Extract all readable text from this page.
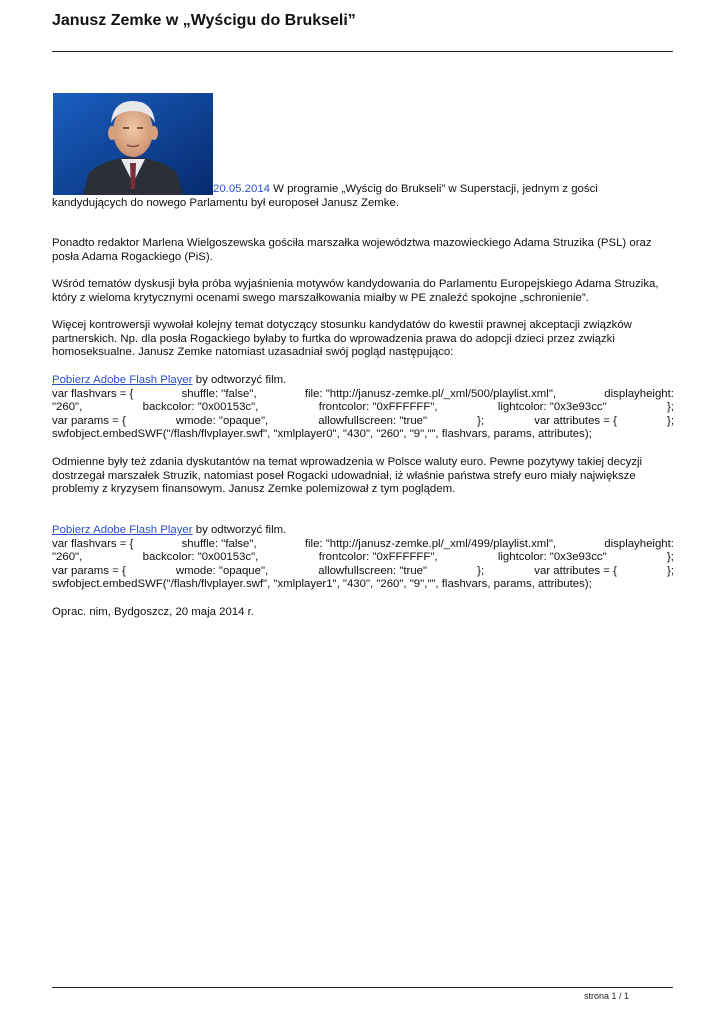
Janusz Zemke w „Wyścigu do Brukseli”
20.05.2014 W programie „Wyścig do Brukseli” w Superstacji, jednym z gości kandydujących do nowego Parlamentu był europoseł Janusz Zemke.

Ponadto redaktor Marlena Wielgoszewska gościła marszałka województwa mazowieckiego Adama Struzika (PSL) oraz posła Adama Rogackiego (PiS).

Wśród tematów dyskusji była próba wyjaśnienia motywów kandydowania do Parlamentu Europejskiego Adama Struzika, który z wieloma krytycznymi ocenami swego marszałkowania miałby w PE znaleźć spokojne „schronienie”.

Więcej kontrowersji wywołał kolejny temat dotyczący stosunku kandydatów do kwestii prawnej akceptacji związków partnerskich. Np. dla posła Rogackiego byłaby to furtka do wprowadzenia prawa do adopcji dzieci przez związki homoseksualne. Janusz Zemke natomiast uzasadniał swój pogląd następująco:

Pobierz Adobe Flash Player by odtworzyć film.
var flashvars = {	shuffle: "false",	file: "http://janusz-zemke.pl/_xml/500/playlist.xml",	displayheight:
"260",	backcolor: "0x00153c",	frontcolor: "0xFFFFFF",	lightcolor: "0x3e93cc"	};
var params = {	wmode: "opaque",	allowfullscreen: "true"	};	var attributes = {	};
swfobject.embedSWF("/flash/flvplayer.swf", "xmlplayer0", "430", "260", "9","", flashvars, params, attributes);

Odmienne były też zdania dyskutantów na temat wprowadzenia w Polsce waluty euro. Pewne pozytywy takiej decyzji dostrzegał marszałek Struzik, natomiast poseł Rogacki udowadniał, iż właśnie państwa strefy euro miały największe problemy z kryzysem finansowym. Janusz Zemke polemizował z tym poglądem.

Pobierz Adobe Flash Player by odtworzyć film.
var flashvars = {	shuffle: "false",	file: "http://janusz-zemke.pl/_xml/499/playlist.xml",	displayheight:
"260",	backcolor: "0x00153c",	frontcolor: "0xFFFFFF",	lightcolor: "0x3e93cc"	};
var params = {	wmode: "opaque",	allowfullscreen: "true"	};	var attributes = {	};
swfobject.embedSWF("/flash/flvplayer.swf", "xmlplayer1", "430", "260", "9","", flashvars, params, attributes);

Oprac. nim, Bydgoszcz, 20 maja 2014 r.

strona 1 / 1
